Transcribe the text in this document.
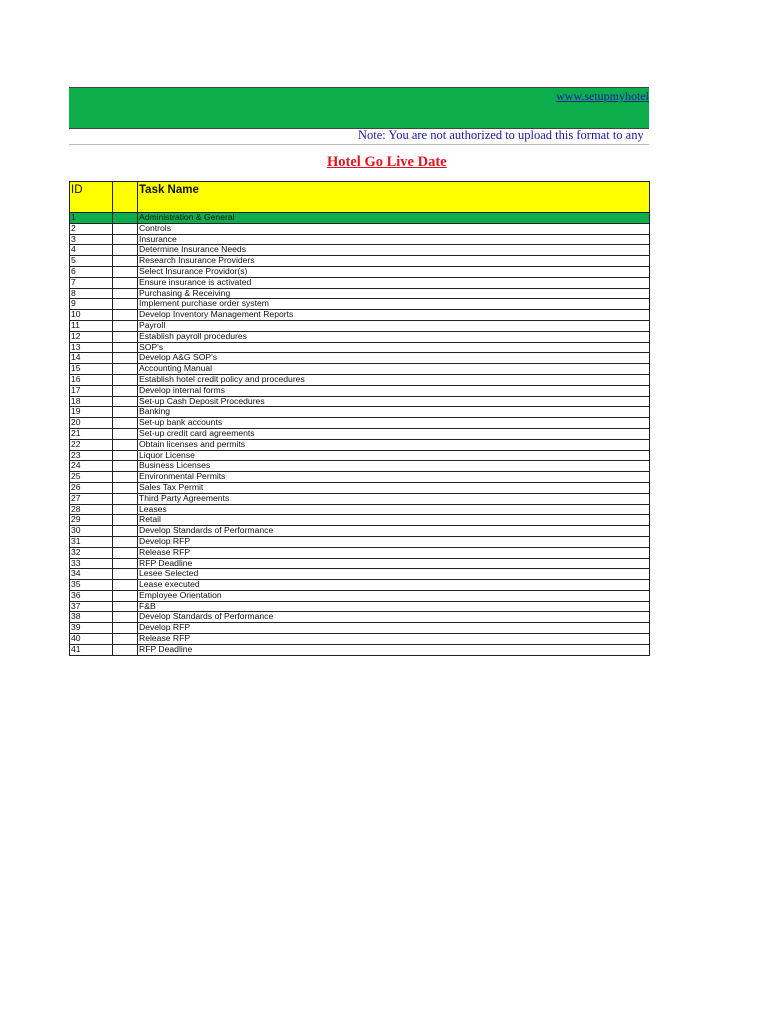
www.setupmyhotel
Note: You are not authorized to upload this format to any
Hotel Go Live Date
ID		Task Name
1		Administration & General
2		Controls
3		Insurance
4		Determine Insurance Needs
5		Research Insurance Providers
6		Select Insurance Providor(s)
7		Ensure insurance is activated
8		Purchasing & Receiving
9		Implement purchase order system
10		Develop Inventory Management Reports
11		Payroll
12		Establish payroll procedures
13		SOP's
14		Develop A&G SOP's
15		Accounting Manual
16		Establish hotel credit policy and procedures
17		Develop internal forms
18		Set-up Cash Deposit Procedures
19		Banking
20		Set-up bank accounts
21		Set-up credit card agreements
22		Obtain licenses and permits
23		Liquor License
24		Business Licenses
25		Environmental Permits
26		Sales Tax Permit
27		Third Party Agreements
28		Leases
29		Retail
30		Develop Standards of Performance
31		Develop RFP
32		Release RFP
33		RFP Deadline
34		Lesee Selected
35		Lease executed
36		Employee Orientation
37		F&B
38		Develop Standards of Performance
39		Develop RFP
40		Release RFP
41		RFP Deadline
